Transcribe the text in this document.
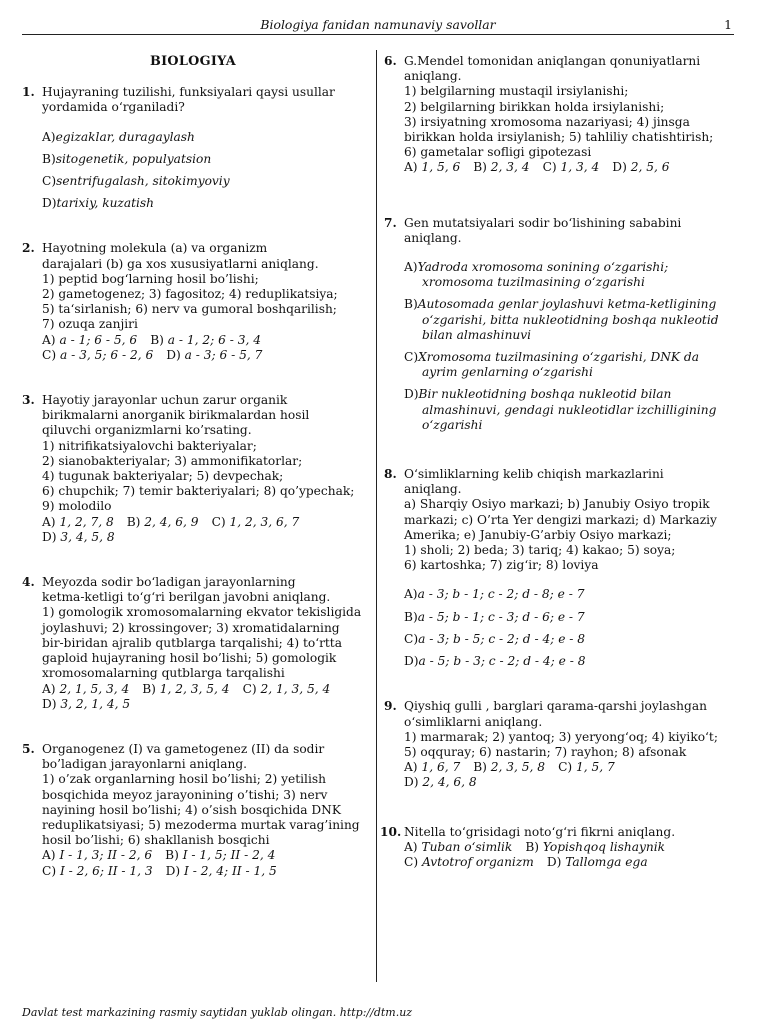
Biologiya fanidan namunaviy savollar	1
BIOLOGIYA
1. Hujayraning tuzilishi, funksiyalari qaysi usullar
yordamida o‘rganiladi?
A)egizaklar, duragaylash
B)sitogenetik, populyatsion
C)sentrifugalash, sitokimyoviy
D)tarixiy, kuzatish
2. Hayotning molekula (a) va organizm
darajalari (b) ga xos xususiyatlarni aniqlang.
1) peptid bog‘larning hosil bo’lishi;
2) gametogenez; 3) fagositoz; 4) reduplikatsiya;
5) ta‘sirlanish; 6) nerv va gumoral boshqarilish;
7) ozuqa zanjiri
A) a - 1; 6 - 5, 6 B) a - 1, 2; 6 - 3, 4
C) a - 3, 5; 6 - 2, 6 D) a - 3; 6 - 5, 7
3. Hayotiy jarayonlar uchun zarur organik
birikmalarni anorganik birikmalardan hosil
qiluvchi organizmlarni ko’rsating.
1) nitrifikatsiyalovchi bakteriyalar;
2) sianobakteriyalar; 3) ammonifikatorlar;
4) tugunak bakteriyalar; 5) devpechak;
6) chupchik; 7) temir bakteriyalari; 8) qo’ypechak;
9) molodilo
A) 1, 2, 7, 8 B) 2, 4, 6, 9 C) 1, 2, 3, 6, 7
D) 3, 4, 5, 8
4. Meyozda sodir bo‘ladigan jarayonlarning
ketma-ketligi to‘g‘ri berilgan javobni aniqlang.
1) gomologik xromosomalarning ekvator tekisligida
joylashuvi; 2) krossingover; 3) xromatidalarning
bir-biridan ajralib qutblarga tarqalishi; 4) to‘rtta
gaploid hujayraning hosil bo’lishi; 5) gomologik
xromosomalarning qutblarga tarqalishi
A) 2, 1, 5, 3, 4 B) 1, 2, 3, 5, 4 C) 2, 1, 3, 5, 4
D) 3, 2, 1, 4, 5
5. Organogenez (I) va gametogenez (II) da sodir
bo’ladigan jarayonlarni aniqlang.
1) o’zak organlarning hosil bo’lishi; 2) yetilish
bosqichida meyoz jarayonining o’tishi; 3) nerv
nayining hosil bo’lishi; 4) o’sish bosqichida DNK
reduplikatsiyasi; 5) mezoderma murtak varag’ining
hosil bo’lishi; 6) shakllanish bosqichi
A) I - 1, 3; II - 2, 6 B) I - 1, 5; II - 2, 4
C) I - 2, 6; II - 1, 3 D) I - 2, 4; II - 1, 5
6. G.Mendel tomonidan aniqlangan qonuniyatlarni
aniqlang.
1) belgilarning mustaqil irsiylanishi;
2) belgilarning birikkan holda irsiylanishi;
3) irsiyatning xromosoma nazariyasi; 4) jinsga
birikkan holda irsiylanish; 5) tahliliy chatishtirish;
6) gametalar sofligi gipotezasi
A) 1, 5, 6 B) 2, 3, 4 C) 1, 3, 4 D) 2, 5, 6
7. Gen mutatsiyalari sodir bo‘lishining sababini
aniqlang.
A)Yadroda xromosoma sonining o‘zgarishi;
xromosoma tuzilmasining o‘zgarishi
B)Autosomada genlar joylashuvi ketma-ketligining
o‘zgarishi, bitta nukleotidning boshqa nukleotid
bilan almashinuvi
C)Xromosoma tuzilmasining o‘zgarishi, DNK da
ayrim genlarning o‘zgarishi
D)Bir nukleotidning boshqa nukleotid bilan
almashinuvi, gendagi nukleotidlar izchilligining
o‘zgarishi
8. O‘simliklarning kelib chiqish markazlarini
aniqlang.
a) Sharqiy Osiyo markazi; b) Janubiy Osiyo tropik
markazi; c) O’rta Yer dengizi markazi; d) Markaziy
Amerika; e) Janubiy-G’arbiy Osiyo markazi;
1) sholi; 2) beda; 3) tariq; 4) kakao; 5) soya;
6) kartoshka; 7) zig‘ir; 8) loviya
A)a - 3; b - 1; c - 2; d - 8; e - 7
B)a - 5; b - 1; c - 3; d - 6; e - 7
C)a - 3; b - 5; c - 2; d - 4; e - 8
D)a - 5; b - 3; c - 2; d - 4; e - 8
9. Qiyshiq gulli , barglari qarama-qarshi joylashgan
o‘simliklarni aniqlang.
1) marmarak; 2) yantoq; 3) yeryong‘oq; 4) kiyiko‘t;
5) oqquray; 6) nastarin; 7) rayhon; 8) afsonak
A) 1, 6, 7 B) 2, 3, 5, 8 C) 1, 5, 7
D) 2, 4, 6, 8
10. Nitella to‘grisidagi noto‘g‘ri fikrni aniqlang.
A) Tuban o‘simlik B) Yopishqoq lishaynik
C) Avtotrof organizm D) Tallomga ega
Davlat test markazining rasmiy saytidan yuklab olingan. http://dtm.uz
